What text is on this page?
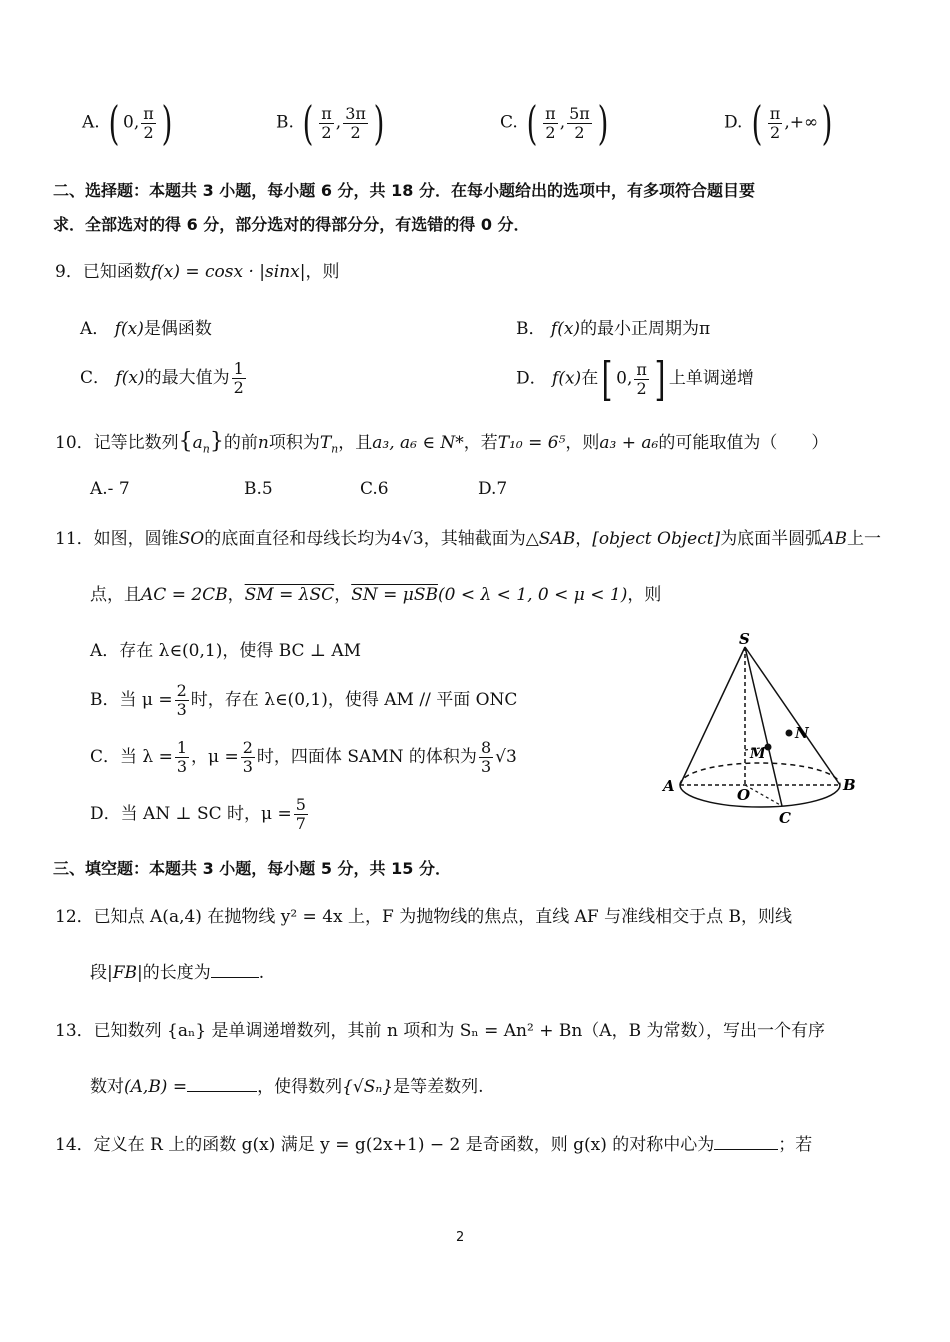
A. ( 0, $\frac{\pi}{2}$ )	B. ( $\frac{\pi}{2}$ , $\frac{3\pi}{2}$ )	C. ( $\frac{\pi}{2}$ , $\frac{5\pi}{2}$ )	D. ( $\frac{\pi}{2}$ ,+∞)
二、选择题：本题共 3 小题，每小题 6 分，共 18 分．在每小题给出的选项中，有多项符合题目要
求．全部选对的得 6 分，部分选对的得部分分，有选错的得 0 分．
9．已知函数f(x) = cosx · |sinx|，则
A． f(x)是偶函数	B． f(x)的最小正周期为π
C． f(x)的最大值为 $\frac{1}{2}$	D． f(x)在[ 0, $\frac{\pi}{2}$ ] 上单调递增
10．记等比数列$\{a_n\}$的前n项积为$T_n$，且a₃, a₆ ∈ N*，若T₁₀ = 6⁵，则a₃ + a₆的可能取值为（　　）
A.- 7	B.5	C.6	D.7
11．如图，圆锥SO的底面直径和母线长均为4√3，其轴截面为△SAB，[object Object]为底面半圆弧AB上一
点，且AC = 2CB，SM = λSC，SN = μSB(0 < λ < 1, 0 < μ < 1)，则
A．存在 λ∈(0,1)，使得 BC ⊥ AM
B．当 $\mu = \frac{2}{3}$ 时，存在 λ∈(0,1)，使得 AM // 平面 ONC
C．当 $\lambda = \frac{1}{3}$ ，$\mu = \frac{2}{3}$ 时，四面体 SAMN 的体积为 $\frac{8}{3} √3$
D．当 AN ⊥ SC 时，$\mu = \frac{5}{7}$
S
N
M
A	O
B
C
三、填空题：本题共 3 小题，每小题 5 分，共 15 分．
12．已知点 A(a,4) 在抛物线 y² = 4x 上，F 为抛物线的焦点，直线 AF 与准线相交于点 B，则线
段|FB|的长度为	.
13．已知数列 {aₙ} 是单调递增数列，其前 n 项和为 Sₙ = An² + Bn（A，B 为常数），写出一个有序
数对(A,B) =	，使得数列{√Sₙ}是等差数列.
14．定义在 R 上的函数 g(x) 满足 y = g(2x+1) − 2 是奇函数，则 g(x) 的对称中心为	；若
2
